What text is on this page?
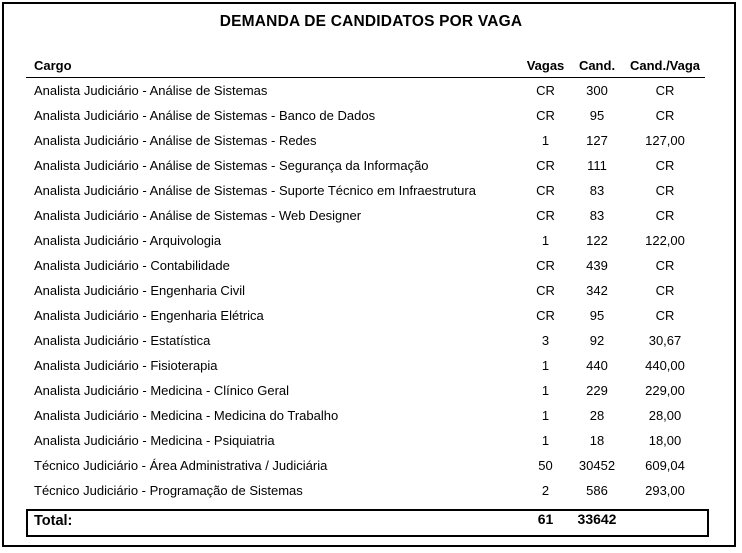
DEMANDA DE CANDIDATOS POR VAGA
Cargo	Vagas	Cand.	Cand./Vaga
Analista Judiciário - Análise de Sistemas	CR	300	CR
Analista Judiciário - Análise de Sistemas - Banco de Dados	CR	95	CR
Analista Judiciário - Análise de Sistemas - Redes	1	127	127,00
Analista Judiciário - Análise de Sistemas - Segurança da Informação	CR	111	CR
Analista Judiciário - Análise de Sistemas - Suporte Técnico em Infraestrutura	CR	83	CR
Analista Judiciário - Análise de Sistemas - Web Designer	CR	83	CR
Analista Judiciário - Arquivologia	1	122	122,00
Analista Judiciário - Contabilidade	CR	439	CR
Analista Judiciário - Engenharia Civil	CR	342	CR
Analista Judiciário - Engenharia Elétrica	CR	95	CR
Analista Judiciário - Estatística	3	92	30,67
Analista Judiciário - Fisioterapia	1	440	440,00
Analista Judiciário - Medicina - Clínico Geral	1	229	229,00
Analista Judiciário - Medicina - Medicina do Trabalho	1	28	28,00
Analista Judiciário - Medicina - Psiquiatria	1	18	18,00
Técnico Judiciário - Área Administrativa / Judiciária	50	30452	609,04
Técnico Judiciário - Programação de Sistemas	2	586	293,00
Total:	61	33642
